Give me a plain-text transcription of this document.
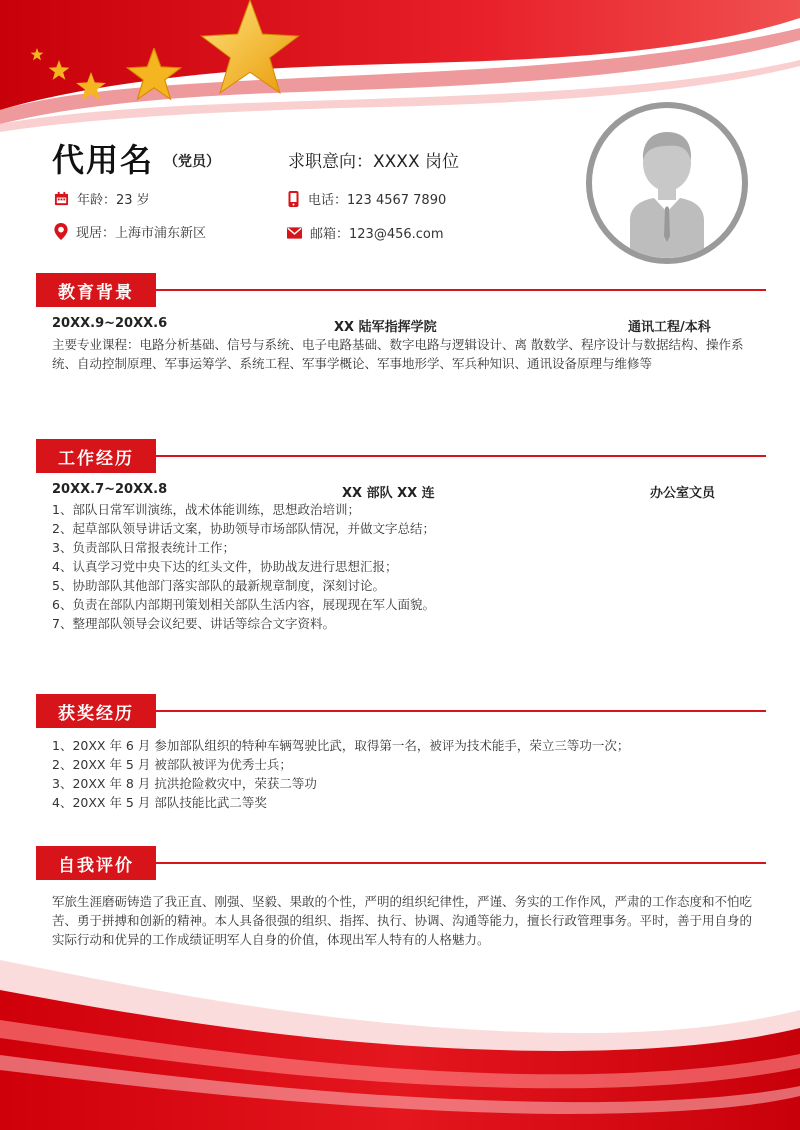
代用名 （党员）	求职意向：XXXX 岗位
年龄：23 岁	电话：123 4567 7890
现居：上海市浦东新区	邮箱：123@456.com
教育背景
20XX.9~20XX.6	XX 陆军指挥学院	通讯工程/本科
主要专业课程：电路分析基础、信号与系统、电子电路基础、数字电路与逻辑设计、离 散数学、程序设计与数据结构、操作系统、自动控制原理、军事运筹学、系统工程、军事学概论、军事地形学、军兵种知识、通讯设备原理与维修等
工作经历
20XX.7~20XX.8	XX 部队 XX 连	办公室文员
1、部队日常军训演练，战术体能训练，思想政治培训；
2、起草部队领导讲话文案，协助领导市场部队情况，并做文字总结；
3、负责部队日常报表统计工作；
4、认真学习党中央下达的红头文件，协助战友进行思想汇报；
5、协助部队其他部门落实部队的最新规章制度，深刻讨论。
6、负责在部队内部期刊策划相关部队生活内容，展现现在军人面貌。
7、整理部队领导会议纪要、讲话等综合文字资料。
获奖经历
1、20XX 年 6 月 参加部队组织的特种车辆驾驶比武，取得第一名，被评为技术能手，荣立三等功一次；
2、20XX 年 5 月 被部队被评为优秀士兵；
3、20XX 年 8 月 抗洪抢险救灾中，荣获二等功
4、20XX 年 5 月 部队技能比武二等奖
自我评价
军旅生涯磨砺铸造了我正直、刚强、坚毅、果敢的个性，严明的组织纪律性，严谨、务实的工作作风，严肃的工作态度和不怕吃苦、勇于拼搏和创新的精神。本人具备很强的组织、指挥、执行、协调、沟通等能力，擅长行政管理事务。平时，善于用自身的实际行动和优异的工作成绩证明军人自身的价值，体现出军人特有的人格魅力。
